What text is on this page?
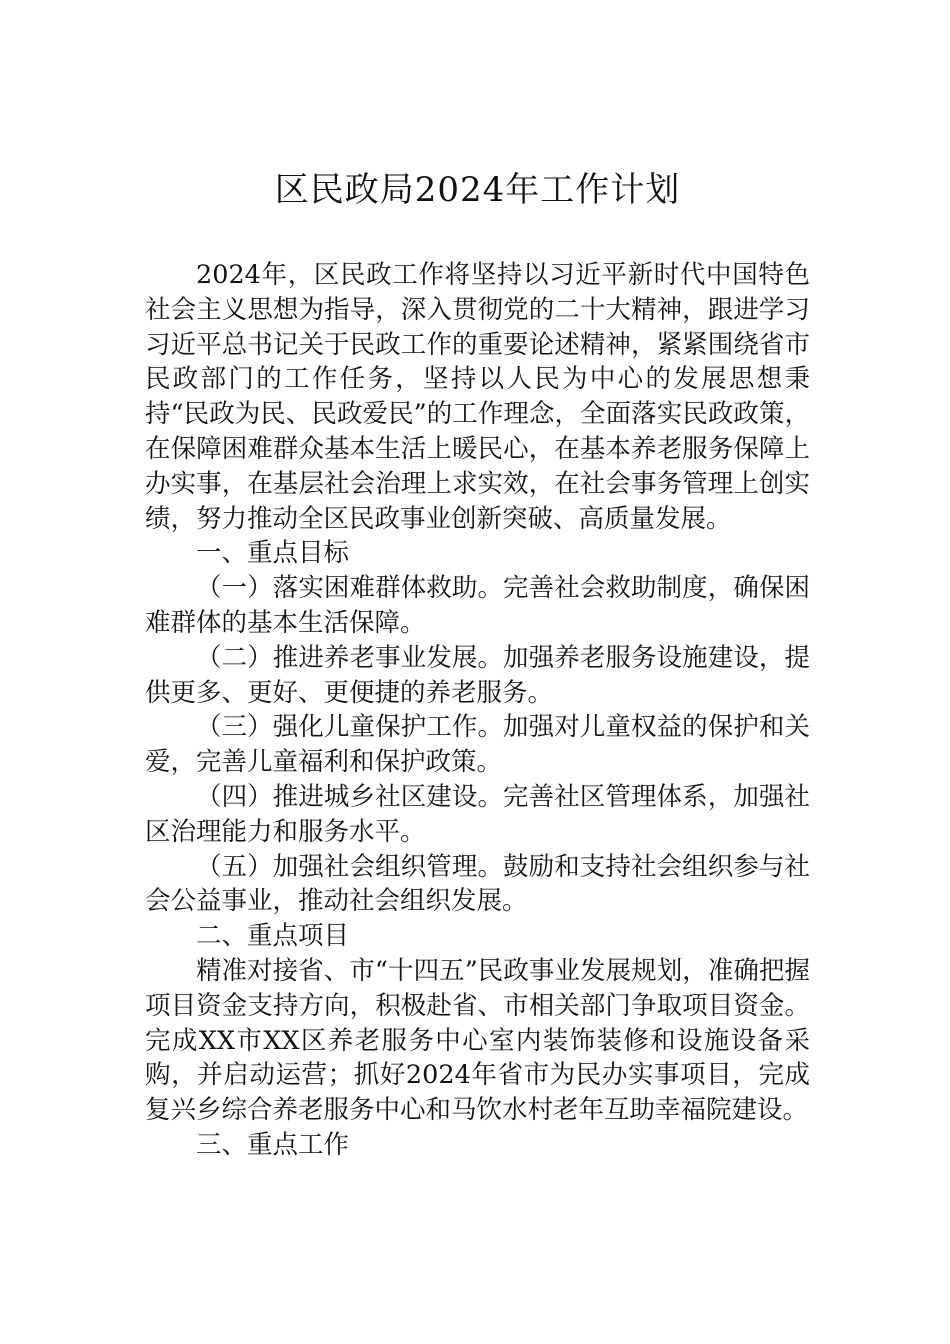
区民政局2024年工作计划

2024年，区民政工作将坚持以习近平新时代中国特色社会主义思想为指导，深入贯彻党的二十大精神，跟进学习习近平总书记关于民政工作的重要论述精神，紧紧围绕省市民政部门的工作任务，坚持以人民为中心的发展思想秉持“民政为民、民政爱民”的工作理念，全面落实民政政策，在保障困难群众基本生活上暖民心，在基本养老服务保障上办实事，在基层社会治理上求实效，在社会事务管理上创实绩，努力推动全区民政事业创新突破、高质量发展。

一、重点目标

（一）落实困难群体救助。完善社会救助制度，确保困难群体的基本生活保障。

（二）推进养老事业发展。加强养老服务设施建设，提供更多、更好、更便捷的养老服务。

（三）强化儿童保护工作。加强对儿童权益的保护和关爱，完善儿童福利和保护政策。

（四）推进城乡社区建设。完善社区管理体系，加强社区治理能力和服务水平。

（五）加强社会组织管理。鼓励和支持社会组织参与社会公益事业，推动社会组织发展。

二、重点项目

精准对接省、市“十四五”民政事业发展规划，准确把握项目资金支持方向，积极赴省、市相关部门争取项目资金。完成XX市XX区养老服务中心室内装饰装修和设施设备采购，并启动运营；抓好2024年省市为民办实事项目，完成复兴乡综合养老服务中心和马饮水村老年互助幸福院建设。

三、重点工作
